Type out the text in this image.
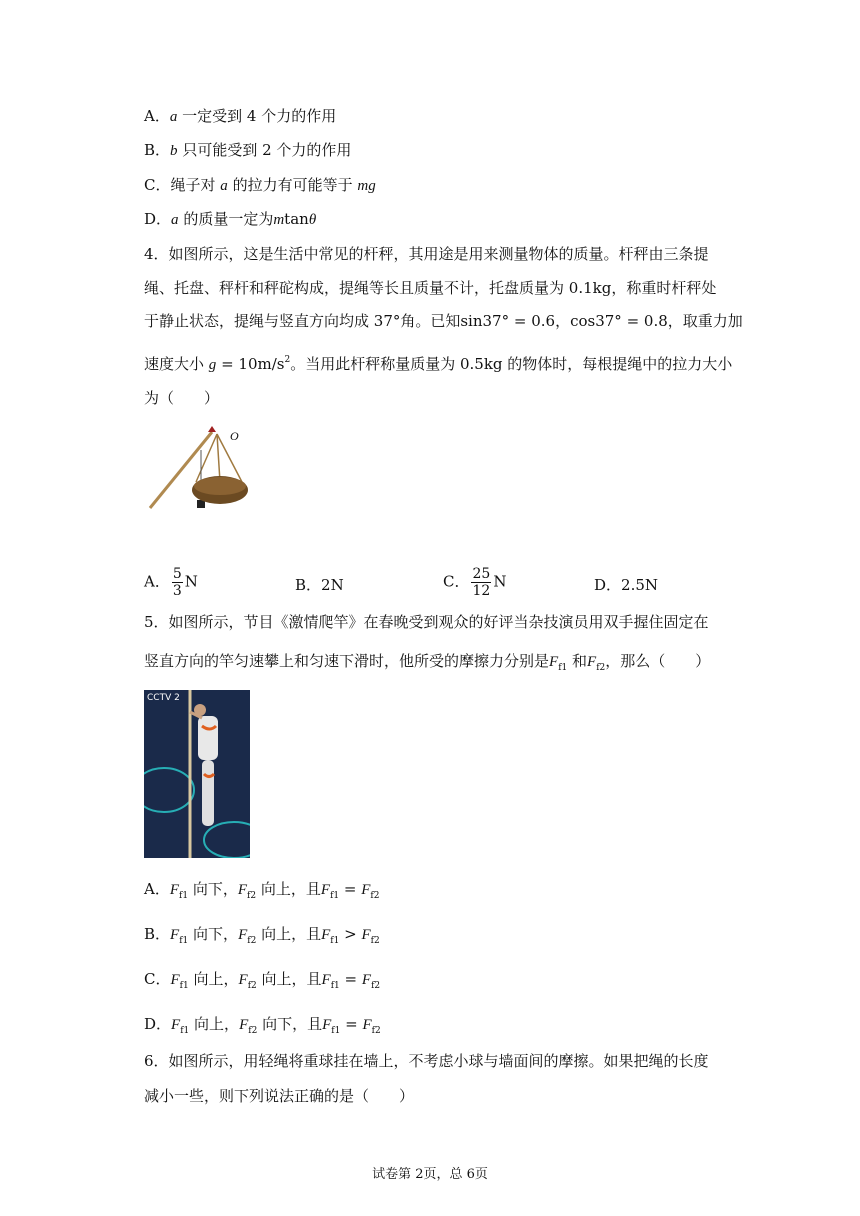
A．a 一定受到 4 个力的作用
B．b 只可能受到 2 个力的作用
C．绳子对 a 的拉力有可能等于 mg
D．a 的质量一定为mtanθ
4．如图所示，这是生活中常见的杆秤，其用途是用来测量物体的质量。杆秤由三条提
绳、托盘、秤杆和秤砣构成，提绳等长且质量不计，托盘质量为 0.1kg，称重时杆秤处
于静止状态，提绳与竖直方向均成 37°角。已知sin37° = 0.6，cos37° = 0.8，取重力加
速度大小 $g = 10m/s^2$。当用此杆秤称量质量为 0.5kg 的物体时，每根提绳中的拉力大小
为（　　）
O
A． $\frac{5}{3}$ N	B．2N	C． $\frac{25}{12}$ N	D．2.5N
5．如图所示，节目《激情爬竿》在春晚受到观众的好评当杂技演员用双手握住固定在
竖直方向的竿匀速攀上和匀速下滑时，他所受的摩擦力分别是$F_{f1}$ 和$F_{f2}$，那么（　　）
CCTV 2
A．$F_{f1}$ 向下，$F_{f2}$ 向上，且$F_{f1} = F_{f2}$
B．$F_{f1}$ 向下，$F_{f2}$ 向上，且$F_{f1} > F_{f2}$
C．$F_{f1}$ 向上，$F_{f2}$ 向上，且$F_{f1} = F_{f2}$
D．$F_{f1}$ 向上，$F_{f2}$ 向下，且$F_{f1} = F_{f2}$
6．如图所示，用轻绳将重球挂在墙上，不考虑小球与墙面间的摩擦。如果把绳的长度
减小一些，则下列说法正确的是（　　）
试卷第 2页，总 6页
